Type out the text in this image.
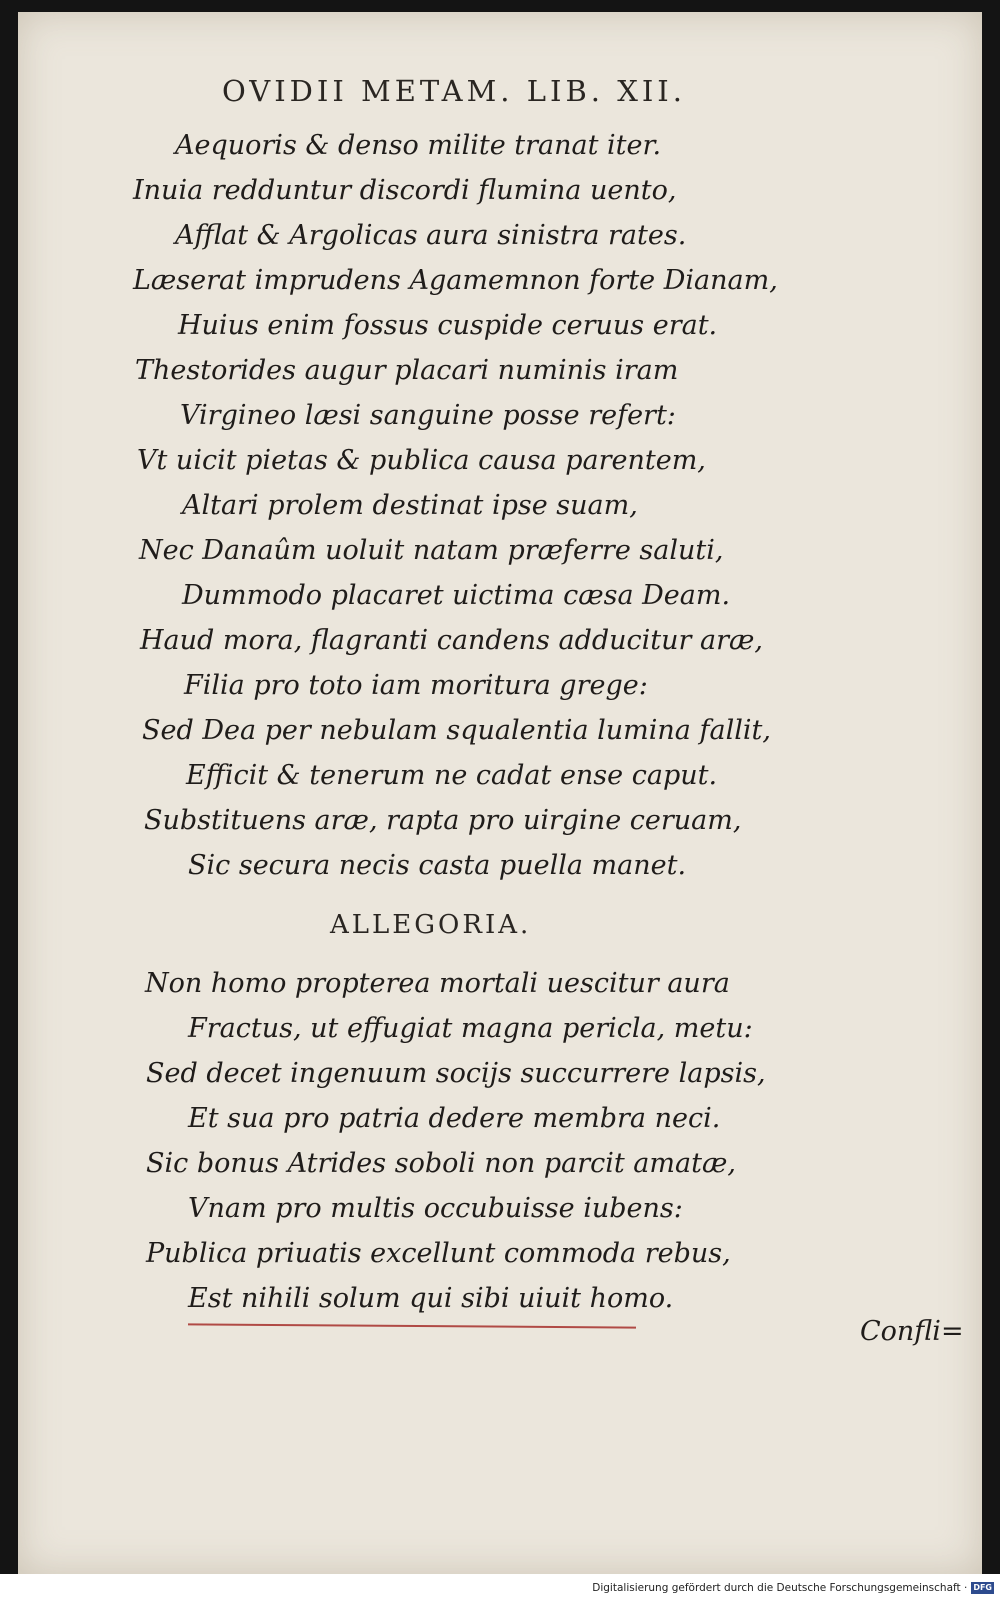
OVIDII METAM. LIB. XII.

Aequoris & denso milite tranat iter.

Inuia redduntur discordi flumina uento,

Afflat & Argolicas aura sinistra rates.

Læserat imprudens Agamemnon forte Dianam,

Huius enim fossus cuspide ceruus erat.

Thestorides augur placari numinis iram

Virgineo læsi sanguine posse refert:

Vt uicit pietas & publica causa parentem,

Altari prolem destinat ipse suam,

Nec Danaûm uoluit natam præferre saluti,

Dummodo placaret uictima cæsa Deam.

Haud mora, flagranti candens adducitur aræ,

Filia pro toto iam moritura grege:

Sed Dea per nebulam squalentia lumina fallit,

Efficit & tenerum ne cadat ense caput.

Substituens aræ, rapta pro uirgine ceruam,

Sic secura necis casta puella manet.

ALLEGORIA.

Non homo propterea mortali uescitur aura

Fractus, ut effugiat magna pericla, metu:

Sed decet ingenuum socijs succurrere lapsis,

Et sua pro patria dedere membra neci.

Sic bonus Atrides soboli non parcit amatæ,

Vnam pro multis occubuisse iubens:

Publica priuatis excellunt commoda rebus,

Est nihili solum qui sibi uiuit homo.

Confli=
Digitalisierung gefördert durch die Deutsche Forschungsgemeinschaft · DFG
